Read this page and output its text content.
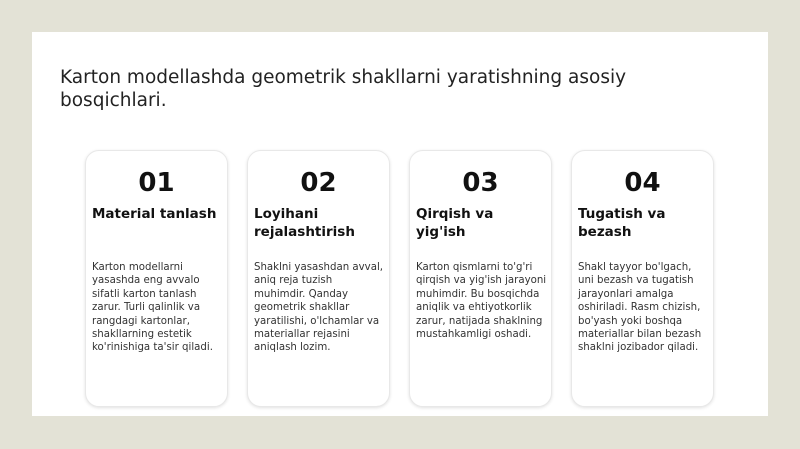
Karton modellashda geometrik shakllarni yaratishning asosiy bosqichlari.
01
Material tanlash
Karton modellarni yasashda eng avvalo sifatli karton tanlash zarur. Turli qalinlik va rangdagi kartonlar, shakllarning estetik ko'rinishiga ta'sir qiladi.
02
Loyihani rejalashtirish
Shaklni yasashdan avval, aniq reja tuzish muhimdir. Qanday geometrik shakllar yaratilishi, o'lchamlar va materiallar rejasini aniqlash lozim.
03
Qirqish va yig'ish
Karton qismlarni to'g'ri qirqish va yig'ish jarayoni muhimdir. Bu bosqichda aniqlik va ehtiyotkorlik zarur, natijada shaklning mustahkamligi oshadi.
04
Tugatish va bezash
Shakl tayyor bo'lgach, uni bezash va tugatish jarayonlari amalga oshiriladi. Rasm chizish, bo'yash yoki boshqa materiallar bilan bezash shaklni jozibador qiladi.
